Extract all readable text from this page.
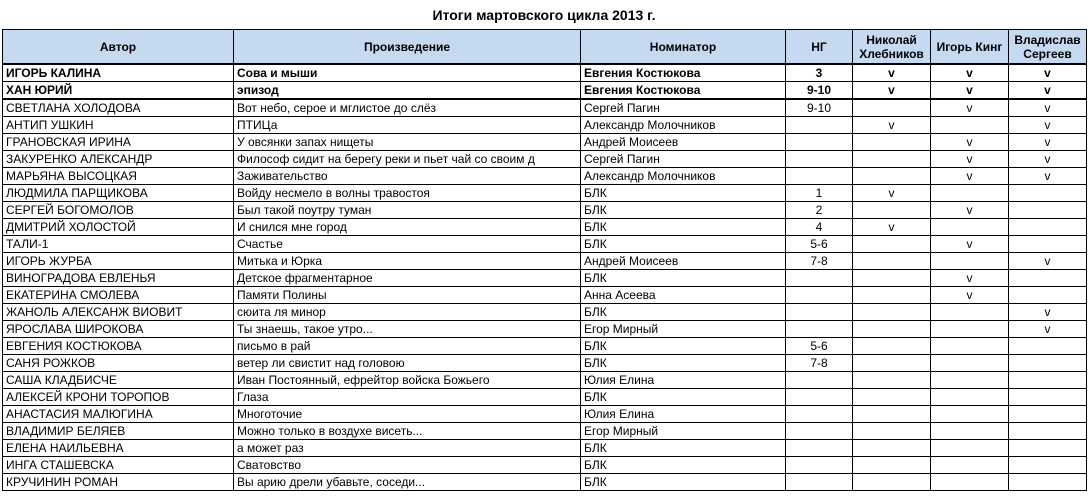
Итоги мартовского цикла 2013 г.
Автор	Произведение	Номинатор	НГ	Николай Хлебников	Игорь Кинг	Владислав Сергеев
ИГОРЬ КАЛИНА	Сова и мыши	Евгения Костюкова	3	v	v	v
ХАН ЮРИЙ	эпизод	Евгения Костюкова	9-10	v	v	v
СВЕТЛАНА ХОЛОДОВА	Вот небо, серое и мглистое до слёз	Сергей Пагин	9-10		v	v
АНТИП УШКИН	ПТИЦа	Александр Молочников		v		v
ГРАНОВСКАЯ ИРИНА	У овсянки запах нищеты	Андрей Моисеев			v	v
ЗАКУРЕНКО АЛЕКСАНДР	Философ сидит на берегу реки и пьет чай со своим д	Сергей Пагин			v	v
МАРЬЯНА ВЫСОЦКАЯ	Заживательство	Александр Молочников			v	v
ЛЮДМИЛА ПАРЩИКОВА	Войду несмело в волны травостоя	БЛК	1	v		
СЕРГЕЙ БОГОМОЛОВ	Был такой поутру туман	БЛК	2		v	
ДМИТРИЙ ХОЛОСТОЙ	И снился мне город	БЛК	4	v		
ТАЛИ-1	Счастье	БЛК	5-6		v	
ИГОРЬ ЖУРБА	Митька и Юрка	Андрей Моисеев	7-8			v
ВИНОГРАДОВА ЕВЛЕНЬЯ	Детское фрагментарное	БЛК			v	
ЕКАТЕРИНА СМОЛЕВА	Памяти Полины	Анна Асеева			v	
ЖАНОЛЬ АЛЕКСАНЖ ВИОВИТ	сюита ля минор	БЛК				v
ЯРОСЛАВА ШИРОКОВА	Ты знаешь, такое утро...	Егор Мирный				v
ЕВГЕНИЯ КОСТЮКОВА	письмо в рай	БЛК	5-6			
САНЯ РОЖКОВ	ветер ли свистит над головою	БЛК	7-8			
САША КЛАДБИСЧЕ	Иван Постоянный, ефрейтор войска Божьего	Юлия Елина				
АЛЕКСЕЙ КРОНИ ТОРОПОВ	Глаза	БЛК				
АНАСТАСИЯ МАЛЮГИНА	Многоточие	Юлия Елина				
ВЛАДИМИР БЕЛЯЕВ	Можно только в воздухе висеть...	Егор Мирный				
ЕЛЕНА НАИЛЬЕВНА	а может раз	БЛК				
ИНГА СТАШЕВСКА	Сватовство	БЛК				
КРУЧИНИН РОМАН	Вы арию дрели убавьте, соседи...	БЛК				
